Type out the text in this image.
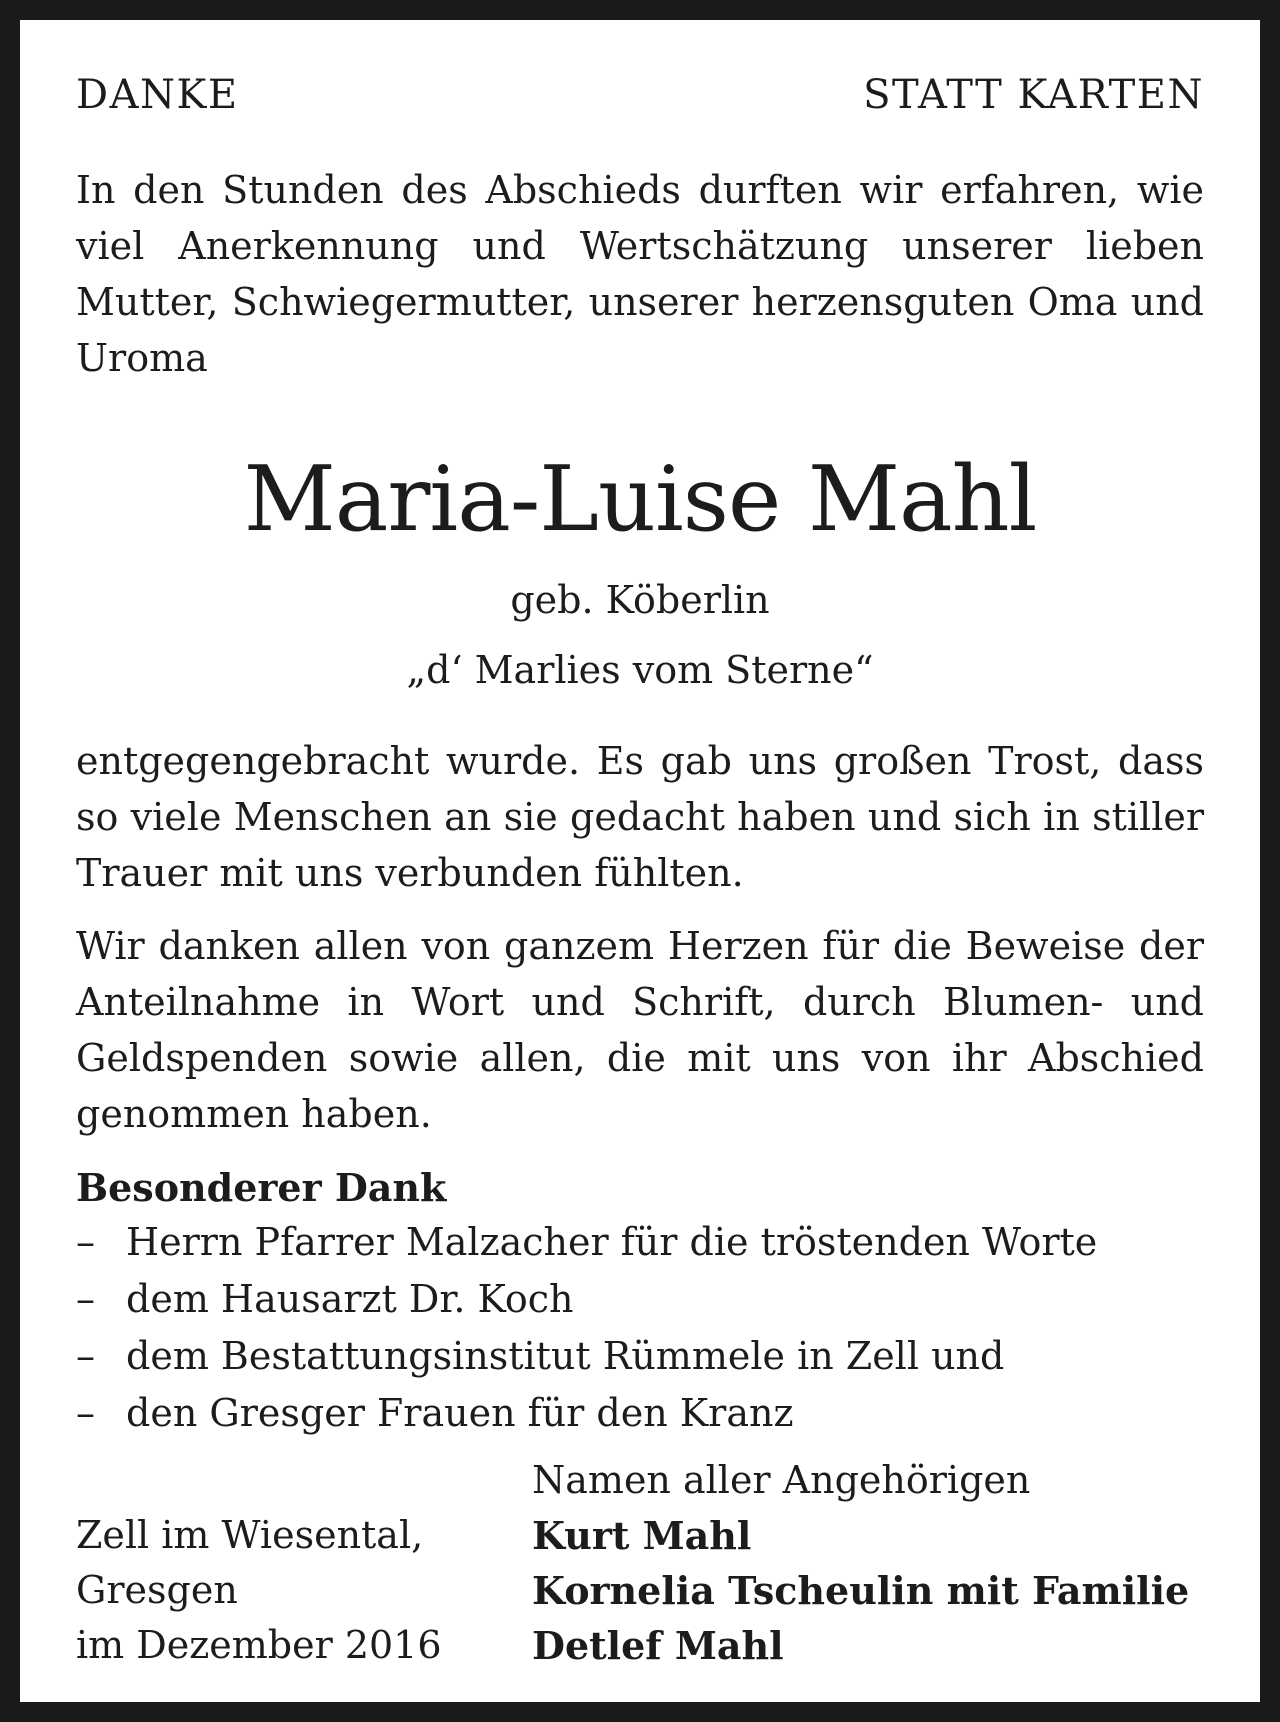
DANKE	STATT KARTEN

In den Stunden des Abschieds durften wir erfahren, wie viel Anerkennung und Wertschätzung unserer lieben Mutter, Schwiegermutter, unserer herzensguten Oma und Uroma

Maria-Luise Mahl
geb. Köberlin
„d‘ Marlies vom Sterne“

entgegengebracht wurde. Es gab uns großen Trost, dass so viele Menschen an sie gedacht haben und sich in stiller Trauer mit uns verbunden fühlten.

Wir danken allen von ganzem Herzen für die Beweise der Anteilnahme in Wort und Schrift, durch Blumen- und Geldspenden sowie allen, die mit uns von ihr Abschied genommen haben.

Besonderer Dank
– Herrn Pfarrer Malzacher für die tröstenden Worte
– dem Hausarzt Dr. Koch
– dem Bestattungsinstitut Rümmele in Zell und
– den Gresger Frauen für den Kranz
Zell im Wiesental,
Gresgen
im Dezember 2016
Namen aller Angehörigen
Kurt Mahl
Kornelia Tscheulin mit Familie
Detlef Mahl
